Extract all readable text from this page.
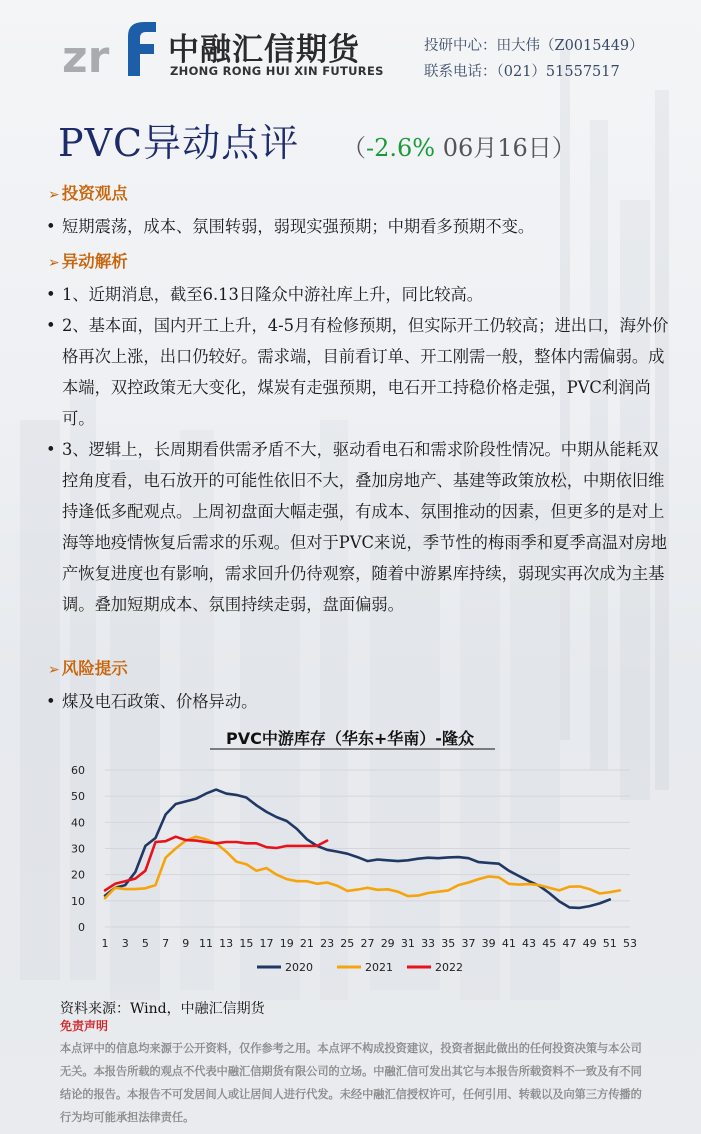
zr 中融汇信期货
ZHONG RONG HUI XIN FUTURES
投研中心：田大伟（Z0015449）
联系电话：（021）51557517
PVC异动点评 （-2.6% 06月16日）
➢ 投资观点
• 短期震荡，成本、氛围转弱，弱现实强预期；中期看多预期不变。
➢ 异动解析
• 1、近期消息，截至6.13日隆众中游社库上升，同比较高。
• 2、基本面，国内开工上升，4-5月有检修预期，但实际开工仍较高；进出口，海外价格再次上涨，出口仍较好。需求端，目前看订单、开工刚需一般，整体内需偏弱。成本端，双控政策无大变化，煤炭有走强预期，电石开工持稳价格走强，PVC利润尚可。
• 3、逻辑上，长周期看供需矛盾不大，驱动看电石和需求阶段性情况。中期从能耗双控角度看，电石放开的可能性依旧不大，叠加房地产、基建等政策放松，中期依旧维持逢低多配观点。上周初盘面大幅走强，有成本、氛围推动的因素，但更多的是对上海等地疫情恢复后需求的乐观。但对于PVC来说，季节性的梅雨季和夏季高温对房地产恢复进度也有影响，需求回升仍待观察，随着中游累库持续，弱现实再次成为主基调。叠加短期成本、氛围持续走弱，盘面偏弱。
➢ 风险提示
• 煤及电石政策、价格异动。
PVC中游库存（华东+华南）-隆众
0
10
20
30
40
50
60
1 3 5 7 9 11 13 15 17 19 21 23 25 27 29 31 33 35 37 39 41 43 45 47 49 51 53
2020	2021	2022
资料来源：Wind，中融汇信期货
免责声明
本点评中的信息均来源于公开资料，仅作参考之用。本点评不构成投资建议，投资者据此做出的任何投资决策与本公司无关。本报告所载的观点不代表中融汇信期货有限公司的立场。中融汇信可发出其它与本报告所载资料不一致及有不同结论的报告。本报告不可发居间人或让居间人进行代发。未经中融汇信授权许可，任何引用、转载以及向第三方传播的行为均可能承担法律责任。
